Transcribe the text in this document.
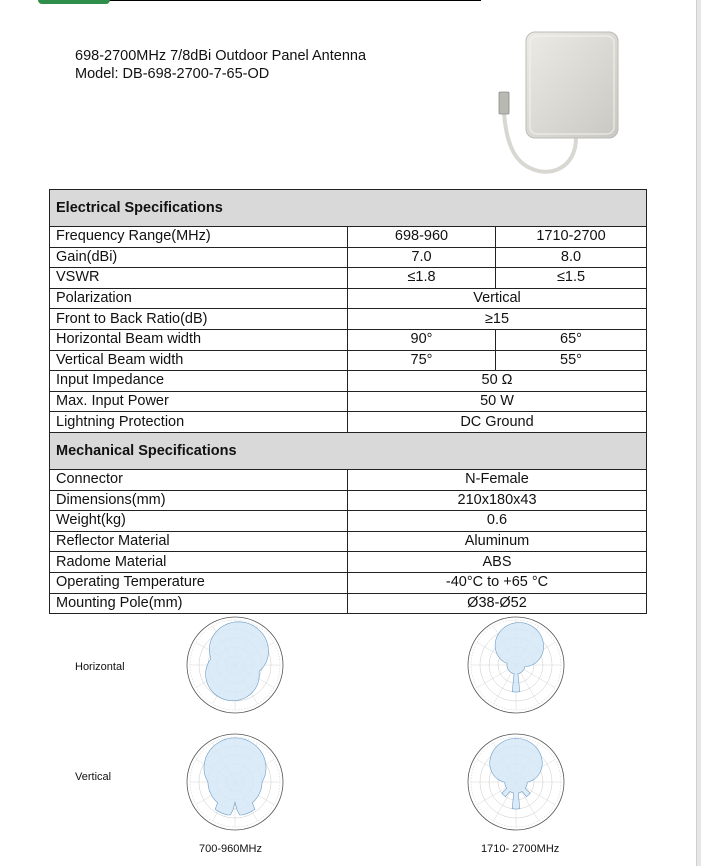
698-2700MHz 7/8dBi Outdoor Panel Antenna
Model: DB-698-2700-7-65-OD
Electrical Specifications		
Frequency Range(MHz)	698-960	1710-2700
Gain(dBi)	7.0	8.0
VSWR	≤1.8	≤1.5
Polarization	Vertical	
Front to Back Ratio(dB)	≥15	
Horizontal Beam width	90°	65°
Vertical Beam width	75°	55°
Input Impedance	50 Ω	
Max. Input Power	50 W	
Lightning Protection	DC Ground	
Mechanical Specifications		
Connector	N-Female	
Dimensions(mm)	210x180x43	
Weight(kg)	0.6	
Reflector Material	Aluminum	
Radome Material	ABS	
Operating Temperature	-40°C to +65 °C	
Mounting Pole(mm)	Ø38-Ø52	
Horizontal
Vertical
700-960MHz	1710- 2700MHz
